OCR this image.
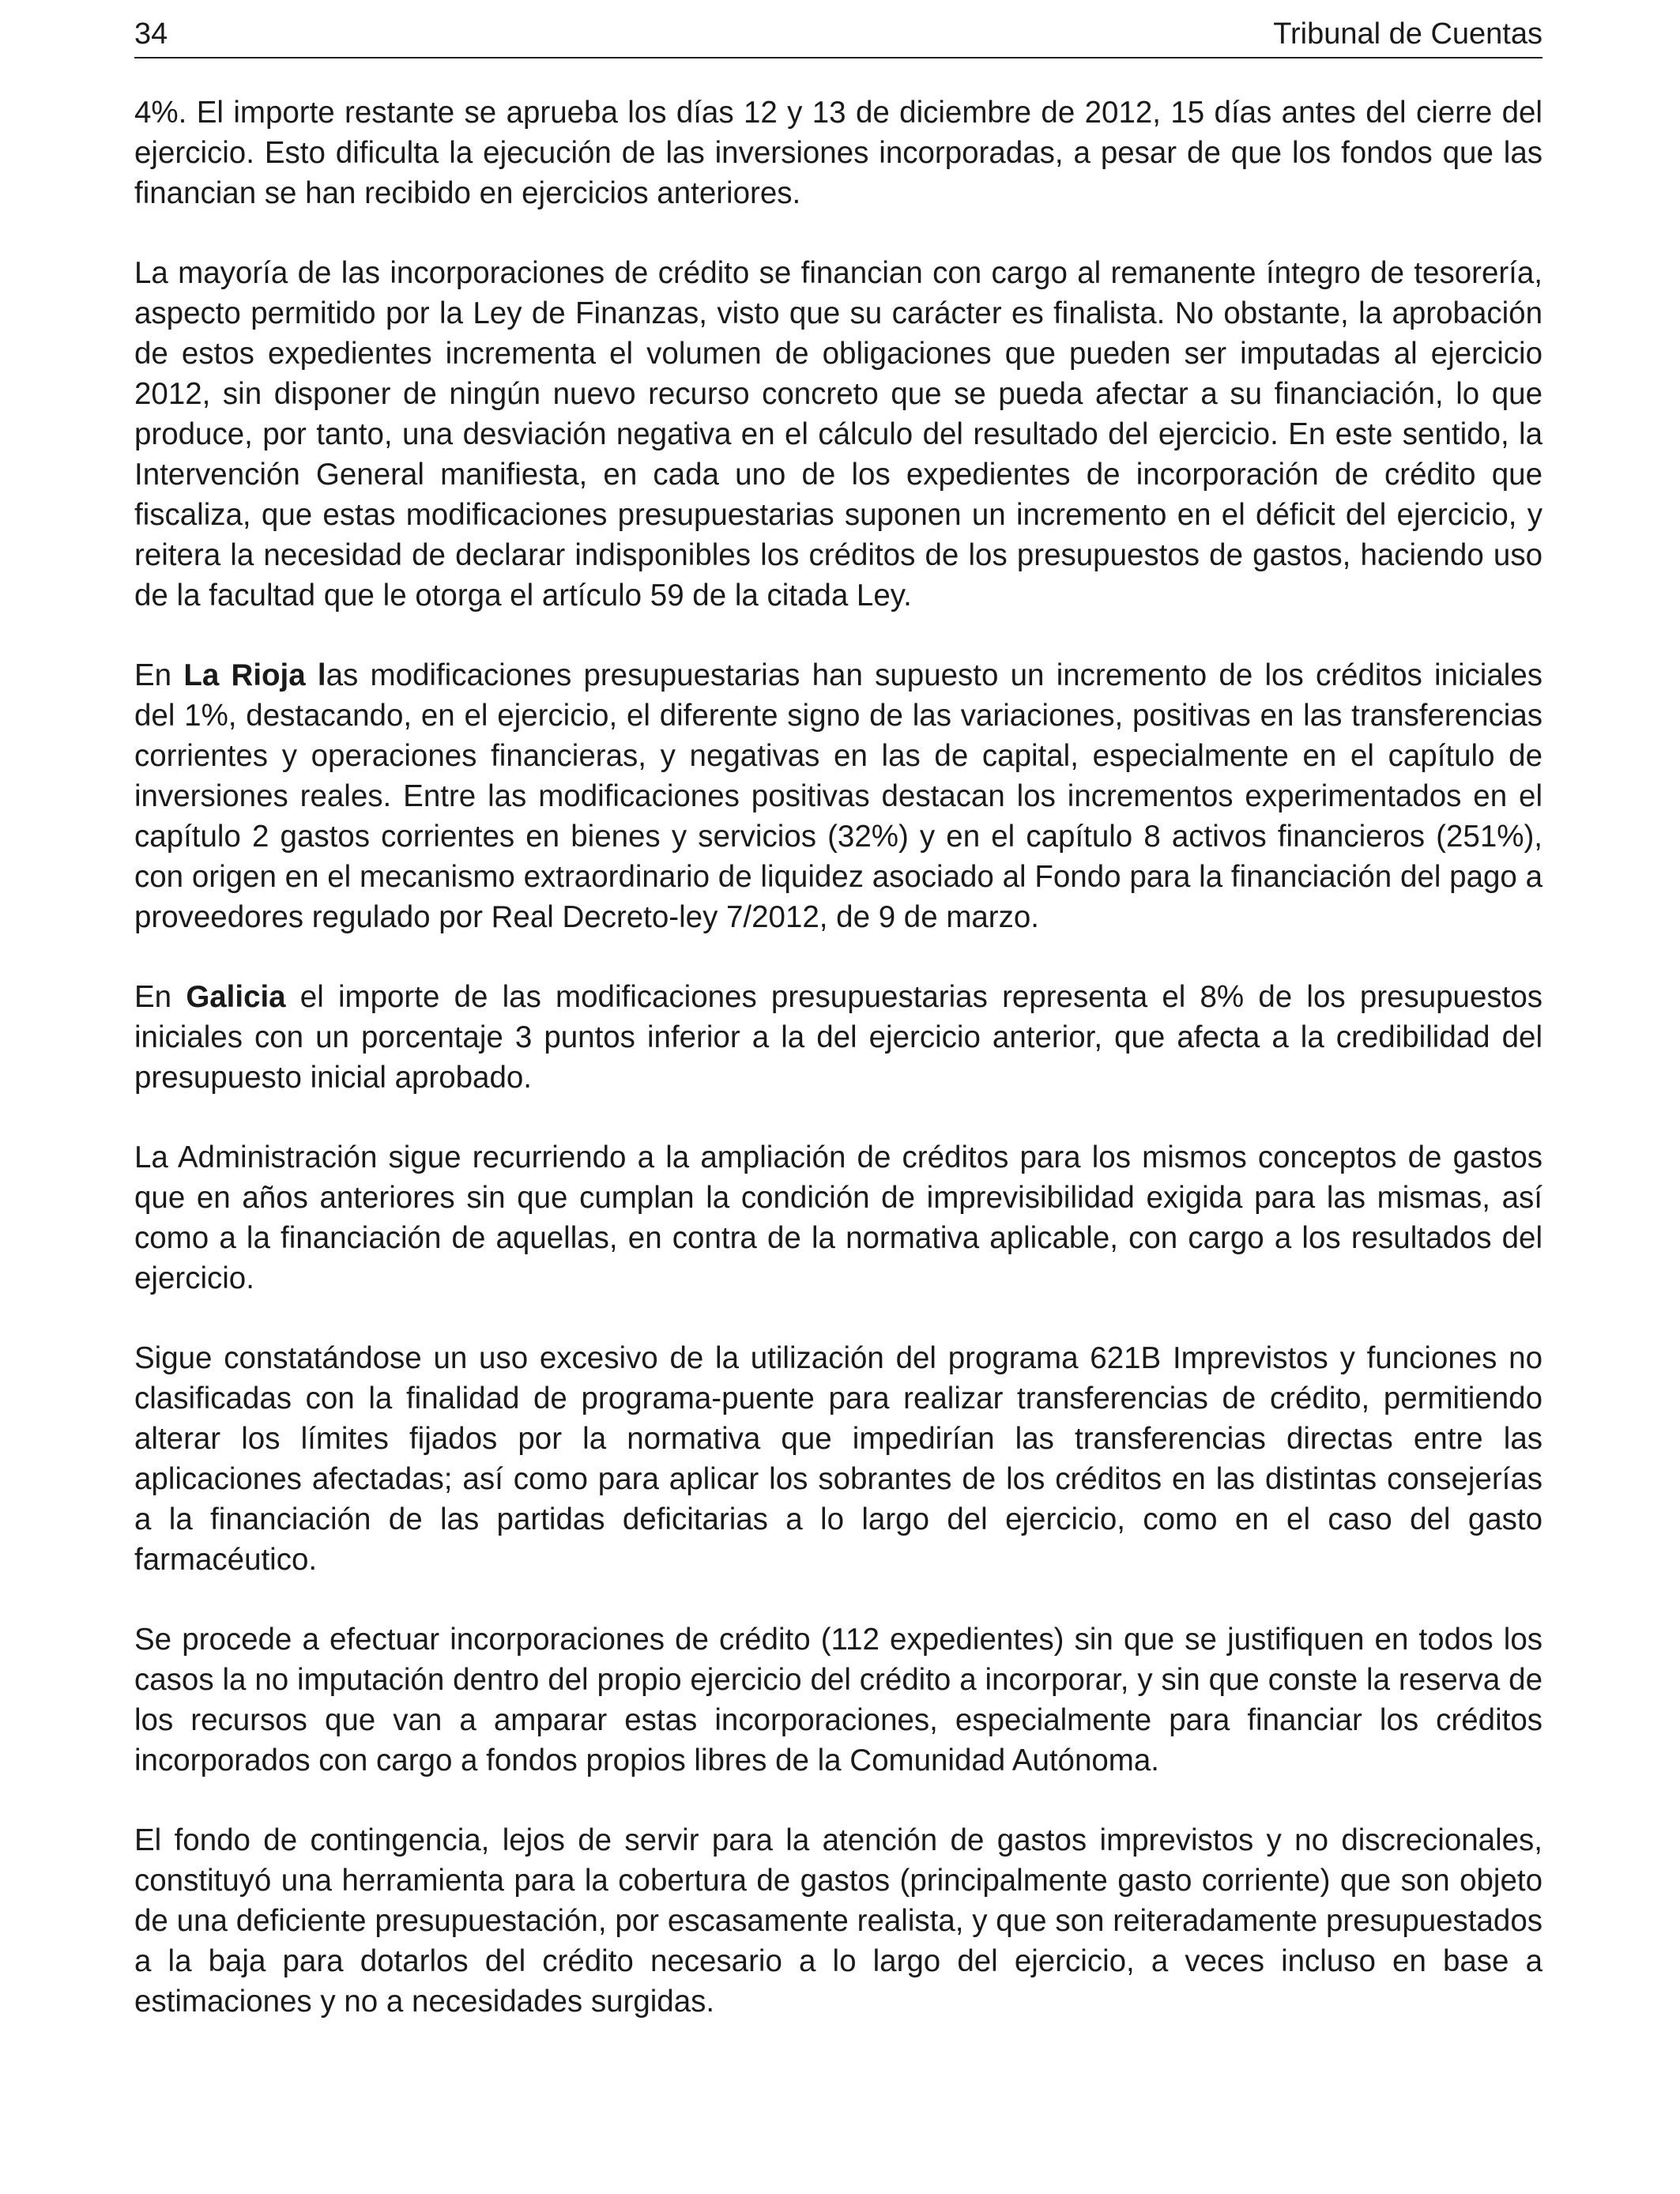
34	Tribunal de Cuentas

4%. El importe restante se aprueba los días 12 y 13 de diciembre de 2012, 15 días antes del cierre del ejercicio. Esto dificulta la ejecución de las inversiones incorporadas, a pesar de que los fondos que las financian se han recibido en ejercicios anteriores.

La mayoría de las incorporaciones de crédito se financian con cargo al remanente íntegro de tesorería, aspecto permitido por la Ley de Finanzas, visto que su carácter es finalista. No obstante, la aprobación de estos expedientes incrementa el volumen de obligaciones que pueden ser imputadas al ejercicio 2012, sin disponer de ningún nuevo recurso concreto que se pueda afectar a su financiación, lo que produce, por tanto, una desviación negativa en el cálculo del resultado del ejercicio. En este sentido, la Intervención General manifiesta, en cada uno de los expedientes de incorporación de crédito que fiscaliza, que estas modificaciones presupuestarias suponen un incremento en el déficit del ejercicio, y reitera la necesidad de declarar indisponibles los créditos de los presupuestos de gastos, haciendo uso de la facultad que le otorga el artículo 59 de la citada Ley.

En La Rioja las modificaciones presupuestarias han supuesto un incremento de los créditos iniciales del 1%, destacando, en el ejercicio, el diferente signo de las variaciones, positivas en las transferencias corrientes y operaciones financieras, y negativas en las de capital, especialmente en el capítulo de inversiones reales. Entre las modificaciones positivas destacan los incrementos experimentados en el capítulo 2 gastos corrientes en bienes y servicios (32%) y en el capítulo 8 activos financieros (251%), con origen en el mecanismo extraordinario de liquidez asociado al Fondo para la financiación del pago a proveedores regulado por Real Decreto-ley 7/2012, de 9 de marzo.

En Galicia el importe de las modificaciones presupuestarias representa el 8% de los presupuestos iniciales con un porcentaje 3 puntos inferior a la del ejercicio anterior, que afecta a la credibilidad del presupuesto inicial aprobado.

La Administración sigue recurriendo a la ampliación de créditos para los mismos conceptos de gastos que en años anteriores sin que cumplan la condición de imprevisibilidad exigida para las mismas, así como a la financiación de aquellas, en contra de la normativa aplicable, con cargo a los resultados del ejercicio.

Sigue constatándose un uso excesivo de la utilización del programa 621B Imprevistos y funciones no clasificadas con la finalidad de programa-puente para realizar transferencias de crédito, permitiendo alterar los límites fijados por la normativa que impedirían las transferencias directas entre las aplicaciones afectadas; así como para aplicar los sobrantes de los créditos en las distintas consejerías a la financiación de las partidas deficitarias a lo largo del ejercicio, como en el caso del gasto farmacéutico.

Se procede a efectuar incorporaciones de crédito (112 expedientes) sin que se justifiquen en todos los casos la no imputación dentro del propio ejercicio del crédito a incorporar, y sin que conste la reserva de los recursos que van a amparar estas incorporaciones, especialmente para financiar los créditos incorporados con cargo a fondos propios libres de la Comunidad Autónoma.

El fondo de contingencia, lejos de servir para la atención de gastos imprevistos y no discrecionales, constituyó una herramienta para la cobertura de gastos (principalmente gasto corriente) que son objeto de una deficiente presupuestación, por escasamente realista, y que son reiteradamente presupuestados a la baja para dotarlos del crédito necesario a lo largo del ejercicio, a veces incluso en base a estimaciones y no a necesidades surgidas.
